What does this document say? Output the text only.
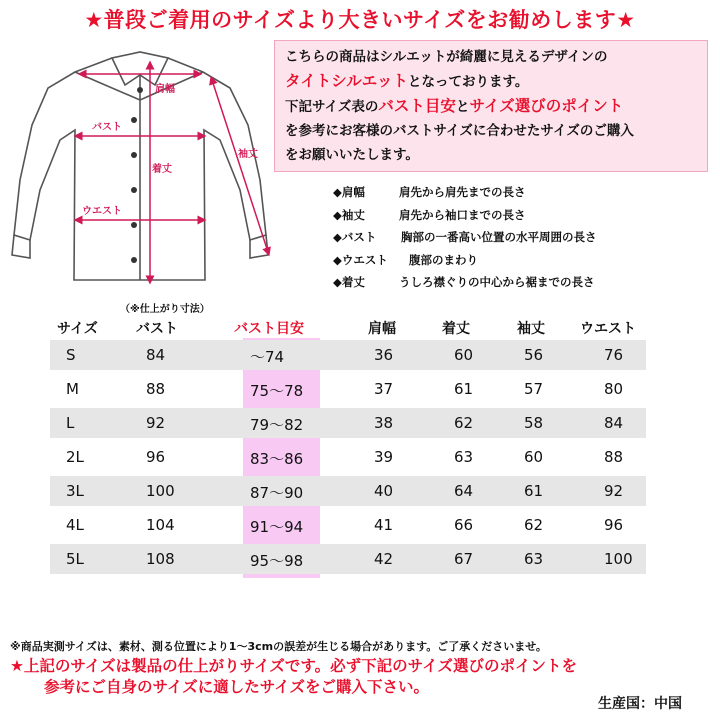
★普段ご着用のサイズより大きいサイズをお勧めします★
肩幅
バスト
着丈
袖丈
ウエスト
こちらの商品はシルエットが綺麗に見えるデザインの
タイトシルエットとなっております。
下記サイズ表のバスト目安とサイズ選びのポイント
を参考にお客様のバストサイズに合わせたサイズのご購入
をお願いいたします。
◆肩幅	肩先から肩先までの長さ
◆袖丈	肩先から袖口までの長さ
◆バスト 胸部の一番高い位置の水平周囲の長さ
◆ウエスト 腹部のまわり
◆着丈	うしろ襟ぐりの中心から裾までの長さ
（※仕上がり寸法）
サイズ	バスト	バスト目安	肩幅	着丈	袖丈	ウエスト
S	84	～74	36	60	56	76
M	88	75～78	37	61	57	80
L	92	79～82	38	62	58	84
2L	96	83～86	39	63	60	88
3L	100	87～90	40	64	61	92
4L	104	91～94	41	66	62	96
5L	108	95～98	42	67	63	100
※商品実測サイズは、素材、測る位置により1～3cmの誤差が生じる場合があります。ご了承くださいませ。
★上記のサイズは製品の仕上がりサイズです。必ず下記のサイズ選びのポイントを
参考にご自身のサイズに適したサイズをご購入下さい。
生産国：中国
